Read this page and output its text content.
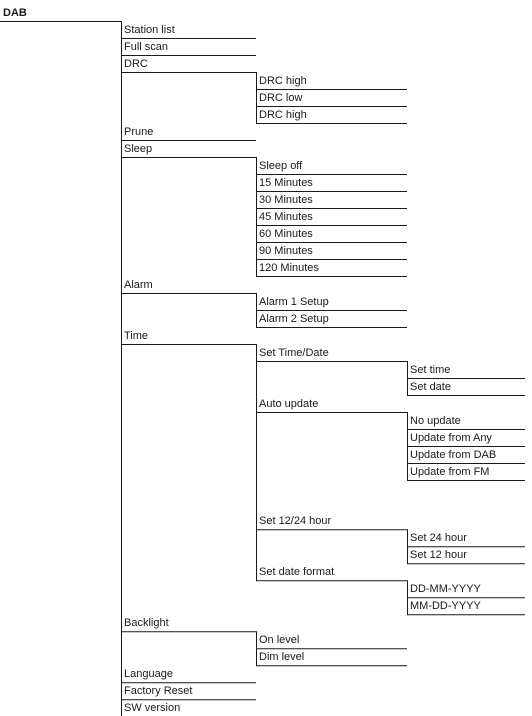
DAB
Station list
Full scan
DRC
DRC high
DRC low
DRC high
Prune
Sleep
Sleep off
15 Minutes
30 Minutes
45 Minutes
60 Minutes
90 Minutes
120 Minutes
Alarm
Alarm 1 Setup
Alarm 2 Setup
Time
Set Time/Date
Set time
Set date
Auto update
No update
Update from Any
Update from DAB
Update from FM
Set 12/24 hour
Set 24 hour
Set 12 hour
Set date format
DD-MM-YYYY
MM-DD-YYYY
Backlight
On level
Dim level
Language
Factory Reset
SW version
